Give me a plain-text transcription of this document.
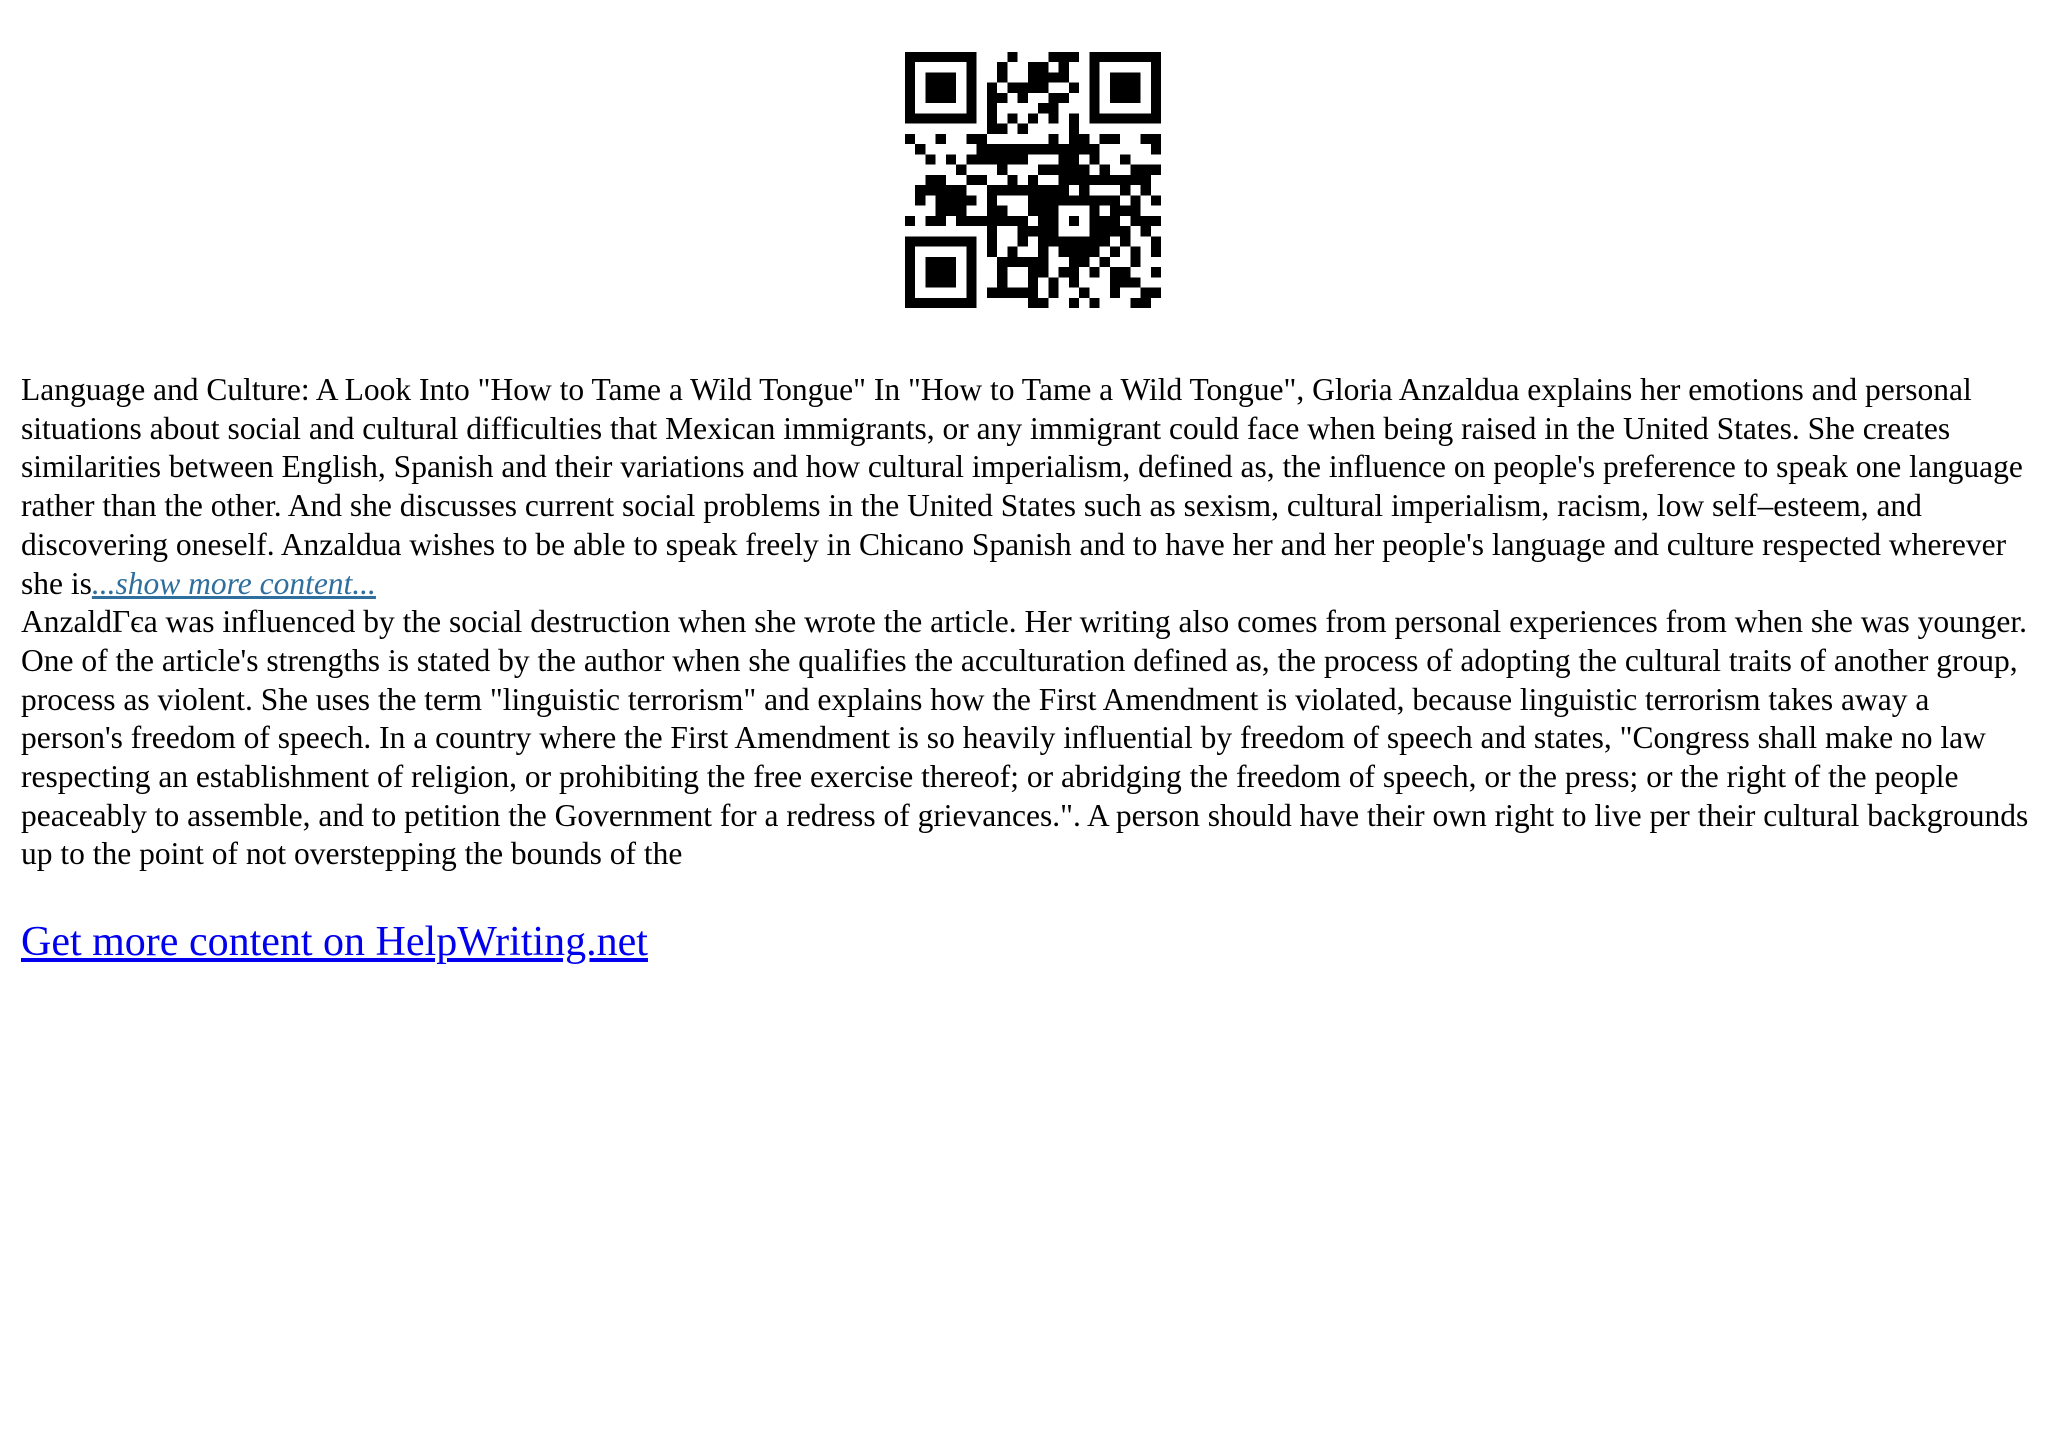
Language and Culture: A Look Into "How to Tame a Wild Tongue" In "How to Tame a Wild Tongue", Gloria Anzaldua explains her emotions and personal situations about social and cultural difficulties that Mexican immigrants, or any immigrant could face when being raised in the United States. She creates similarities between English, Spanish and their variations and how cultural imperialism, defined as, the influence on people's preference to speak one language rather than the other. And she discusses current social problems in the United States such as sexism, cultural imperialism, racism, low self–esteem, and discovering oneself. Anzaldua wishes to be able to speak freely in Chicano Spanish and to have her and her people's language and culture respected wherever she is...show more content...

AnzaldΓєa was influenced by the social destruction when she wrote the article. Her writing also comes from personal experiences from when she was younger. One of the article's strengths is stated by the author when she qualifies the acculturation defined as, the process of adopting the cultural traits of another group, process as violent. She uses the term "linguistic terrorism" and explains how the First Amendment is violated, because linguistic terrorism takes away a person's freedom of speech. In a country where the First Amendment is so heavily influential by freedom of speech and states, "Congress shall make no law respecting an establishment of religion, or prohibiting the free exercise thereof; or abridging the freedom of speech, or the press; or the right of the people peaceably to assemble, and to petition the Government for a redress of grievances.". A person should have their own right to live per their cultural backgrounds up to the point of not overstepping the bounds of the

Get more content on HelpWriting.net
